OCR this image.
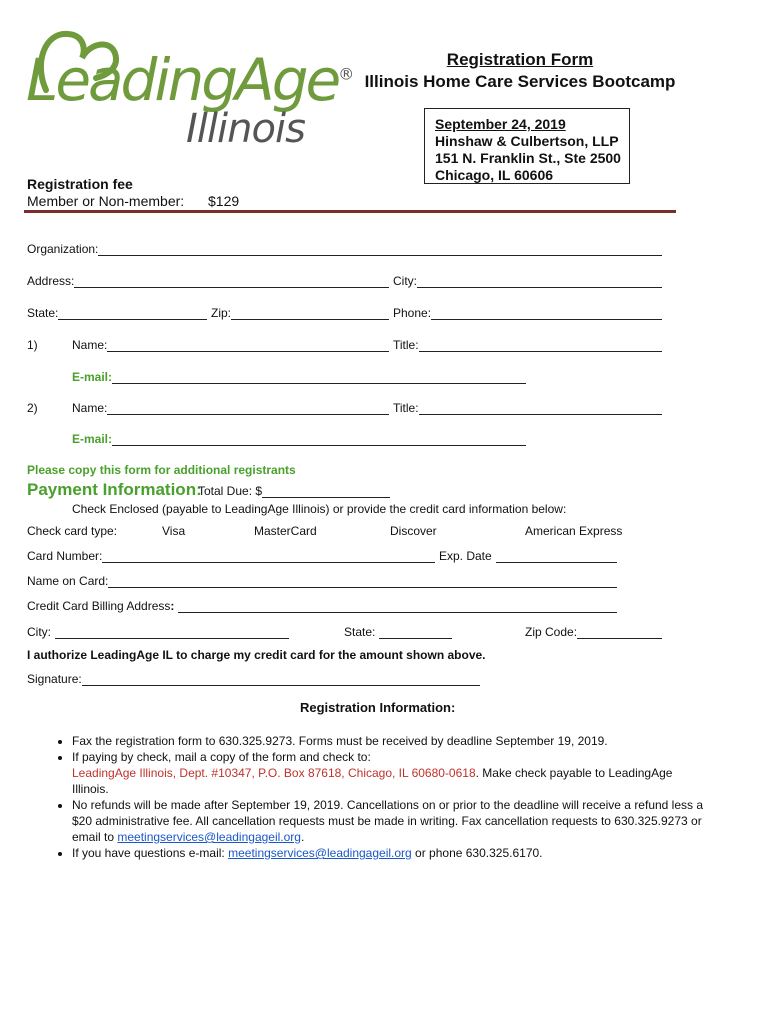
LeadingAge®
Illinois
Registration Form
Illinois Home Care Services Bootcamp
September 24, 2019
Hinshaw & Culbertson, LLP
151 N. Franklin St., Ste 2500
Chicago, IL 60606
Registration fee
Member or Non-member: $129
Organization:
Address:	City:
State:	Zip:	Phone:
1)	Name:	Title:
E-mail:
2)	Name:	Title:
E-mail:
Please copy this form for additional registrants
Payment Information:
Total Due: $
Check Enclosed (payable to LeadingAge Illinois) or provide the credit card information below:
Check card type:	Visa	MasterCard	Discover	American Express
Card Number:	Exp. Date
Name on Card:
Credit Card Billing Address :
City:	State:	Zip Code:
I authorize LeadingAge IL to charge my credit card for the amount shown above.
Signature:
Registration Information:
• Fax the registration form to 630.325.9273. Forms must be received by deadline September 19, 2019.
• If paying by check, mail a copy of the form and check to:
LeadingAge Illinois, Dept. #10347, P.O. Box 87618, Chicago, IL 60680-0618. Make check payable to LeadingAge Illinois.
• No refunds will be made after September 19, 2019. Cancellations on or prior to the deadline will receive a refund less a $20 administrative fee. All cancellation requests must be made in writing. Fax cancellation requests to 630.325.9273 or email to meetingservices@leadingageil.org.
• If you have questions e-mail: meetingservices@leadingageil.org or phone 630.325.6170.
